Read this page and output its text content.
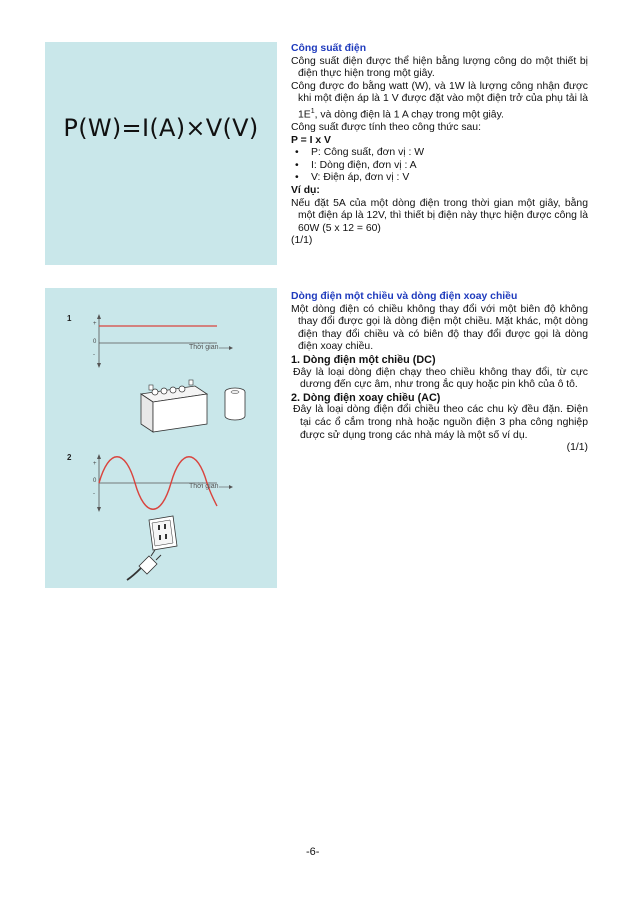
P(W)=I(A)×V(V)
1
2
+
0
-
Thời gian
+
0
-
Thời gian

Công suất điện

Công suất điện được thể hiện bằng lượng công do một thiết bị điện thực hiện trong một giây.

Công được đo bằng watt (W), và 1W là lượng công nhận được khi một điện áp là 1 V được đặt vào một điện trở của phụ tải là $1E^1$, và dòng điện là 1 A chạy trong một giây.

Công suất được tính theo công thức sau:

P = I x V

• P: Công suất, đơn vị : W
• I: Dòng điện, đơn vị : A
• V: Điện áp, đơn vị : V

Ví dụ:

Nếu đặt 5A của một dòng điện trong thời gian một giây, bằng một điện áp là 12V, thì thiết bị điện này thực hiện được công là 60W (5 x 12 = 60)

(1/1)

Dòng điện một chiều và dòng điện xoay chiều

Một dòng điện có chiều không thay đổi với một biên độ không thay đổi được gọi là dòng điện một chiều. Mặt khác, một dòng điện thay đổi chiều và có biên độ thay đổi được gọi là dòng điện xoay chiều.

1. Dòng điện một chiều (DC)

Đây là loại dòng điện chạy theo chiều không thay đổi, từ cực dương đến cực âm, như trong ắc quy hoặc pin khô của ô tô.

2. Dòng điện xoay chiều (AC)

Đây là loại dòng điện đổi chiều theo các chu kỳ đều đặn. Điện tại các ổ cắm trong nhà hoặc nguồn điện 3 pha công nghiệp được sử dụng trong các nhà máy là một số ví dụ.

(1/1)

-6-
